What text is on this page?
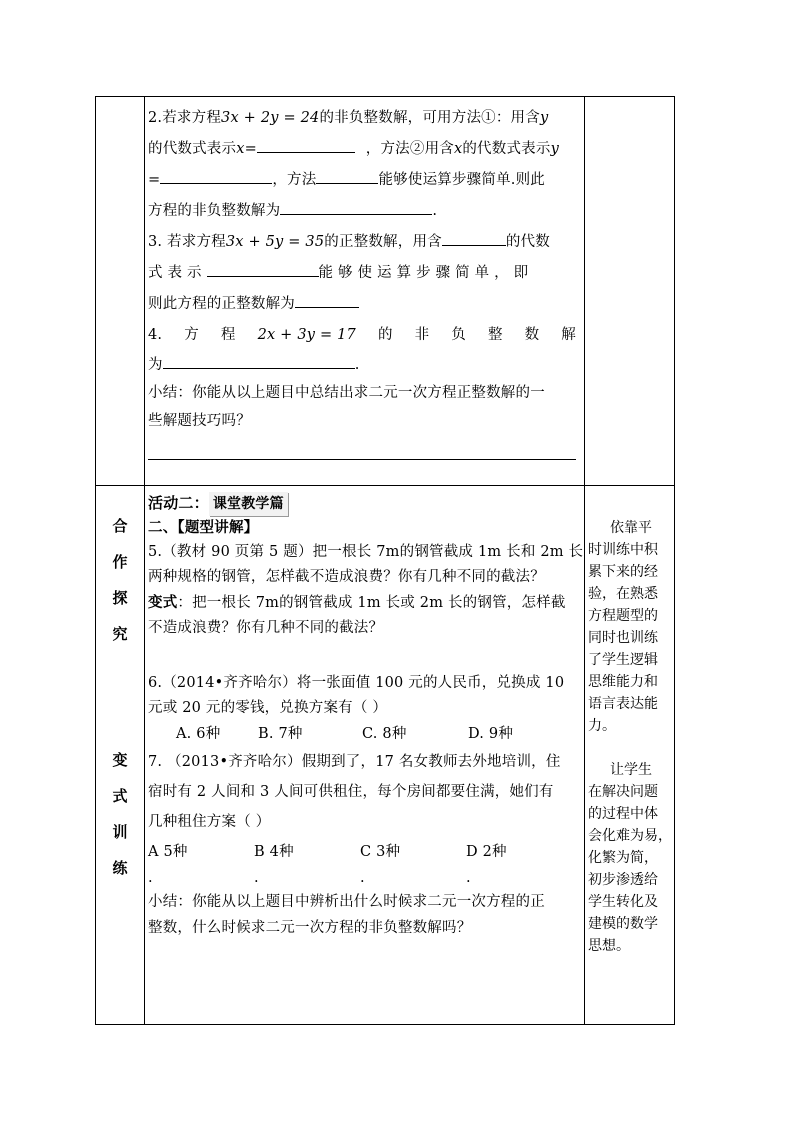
2.若求方程3x + 2y = 24的非负整数解，可用方法①：用含y

的代数式表示x=	，方法②用含x的代数式表示y

=	，方法	能够使运算步骤简单.则此

方程的非负整数解为	.

3. 若求方程3x + 5y = 35的正整数解，用含	的代数

式 表 示	能 够 使 运 算 步 骤 简 单 ， 即

则此方程的正整数解为

4. 方 程 2x + 3y = 17 的 非 负 整 数 解

为	.

小结：你能从以上题目中总结出求二元一次方程正整数解的一

些解题技巧吗？

合
作
探
究
变
式
训
练

活动二： 课堂教学篇

二、【题型讲解】

5.（教材 90 页第 5 题）把一根长 7m的钢管截成 1m 长和 2m 长

两种规格的钢管，怎样截不造成浪费？你有几种不同的截法？

变式：把一根长 7m的钢管截成 1m 长或 2m 长的钢管，怎样截

不造成浪费？你有几种不同的截法？

6.（2014•齐齐哈尔）将一张面值 100 元的人民币，兑换成 10

元或 20 元的零钱，兑换方案有（ ）

A. 6种	B. 7种	C. 8种	D. 9种

7. （2013•齐齐哈尔）假期到了，17 名女教师去外地培训，住

宿时有 2 人间和 3 人间可供租住，每个房间都要住满，她们有

几种租住方案（ ）

A 5种	B 4种	C 3种	D 2种

.	.	.	.

小结：你能从以上题目中辨析出什么时候求二元一次方程的正

整数，什么时候求二元一次方程的非负整数解吗？

依靠平

时训练中积

累下来的经

验，在熟悉

方程题型的

同时也训练

了学生逻辑

思维能力和

语言表达能

力。

让学生

在解决问题

的过程中体

会化难为易，

化繁为简，

初步渗透给

学生转化及

建模的数学

思想。
